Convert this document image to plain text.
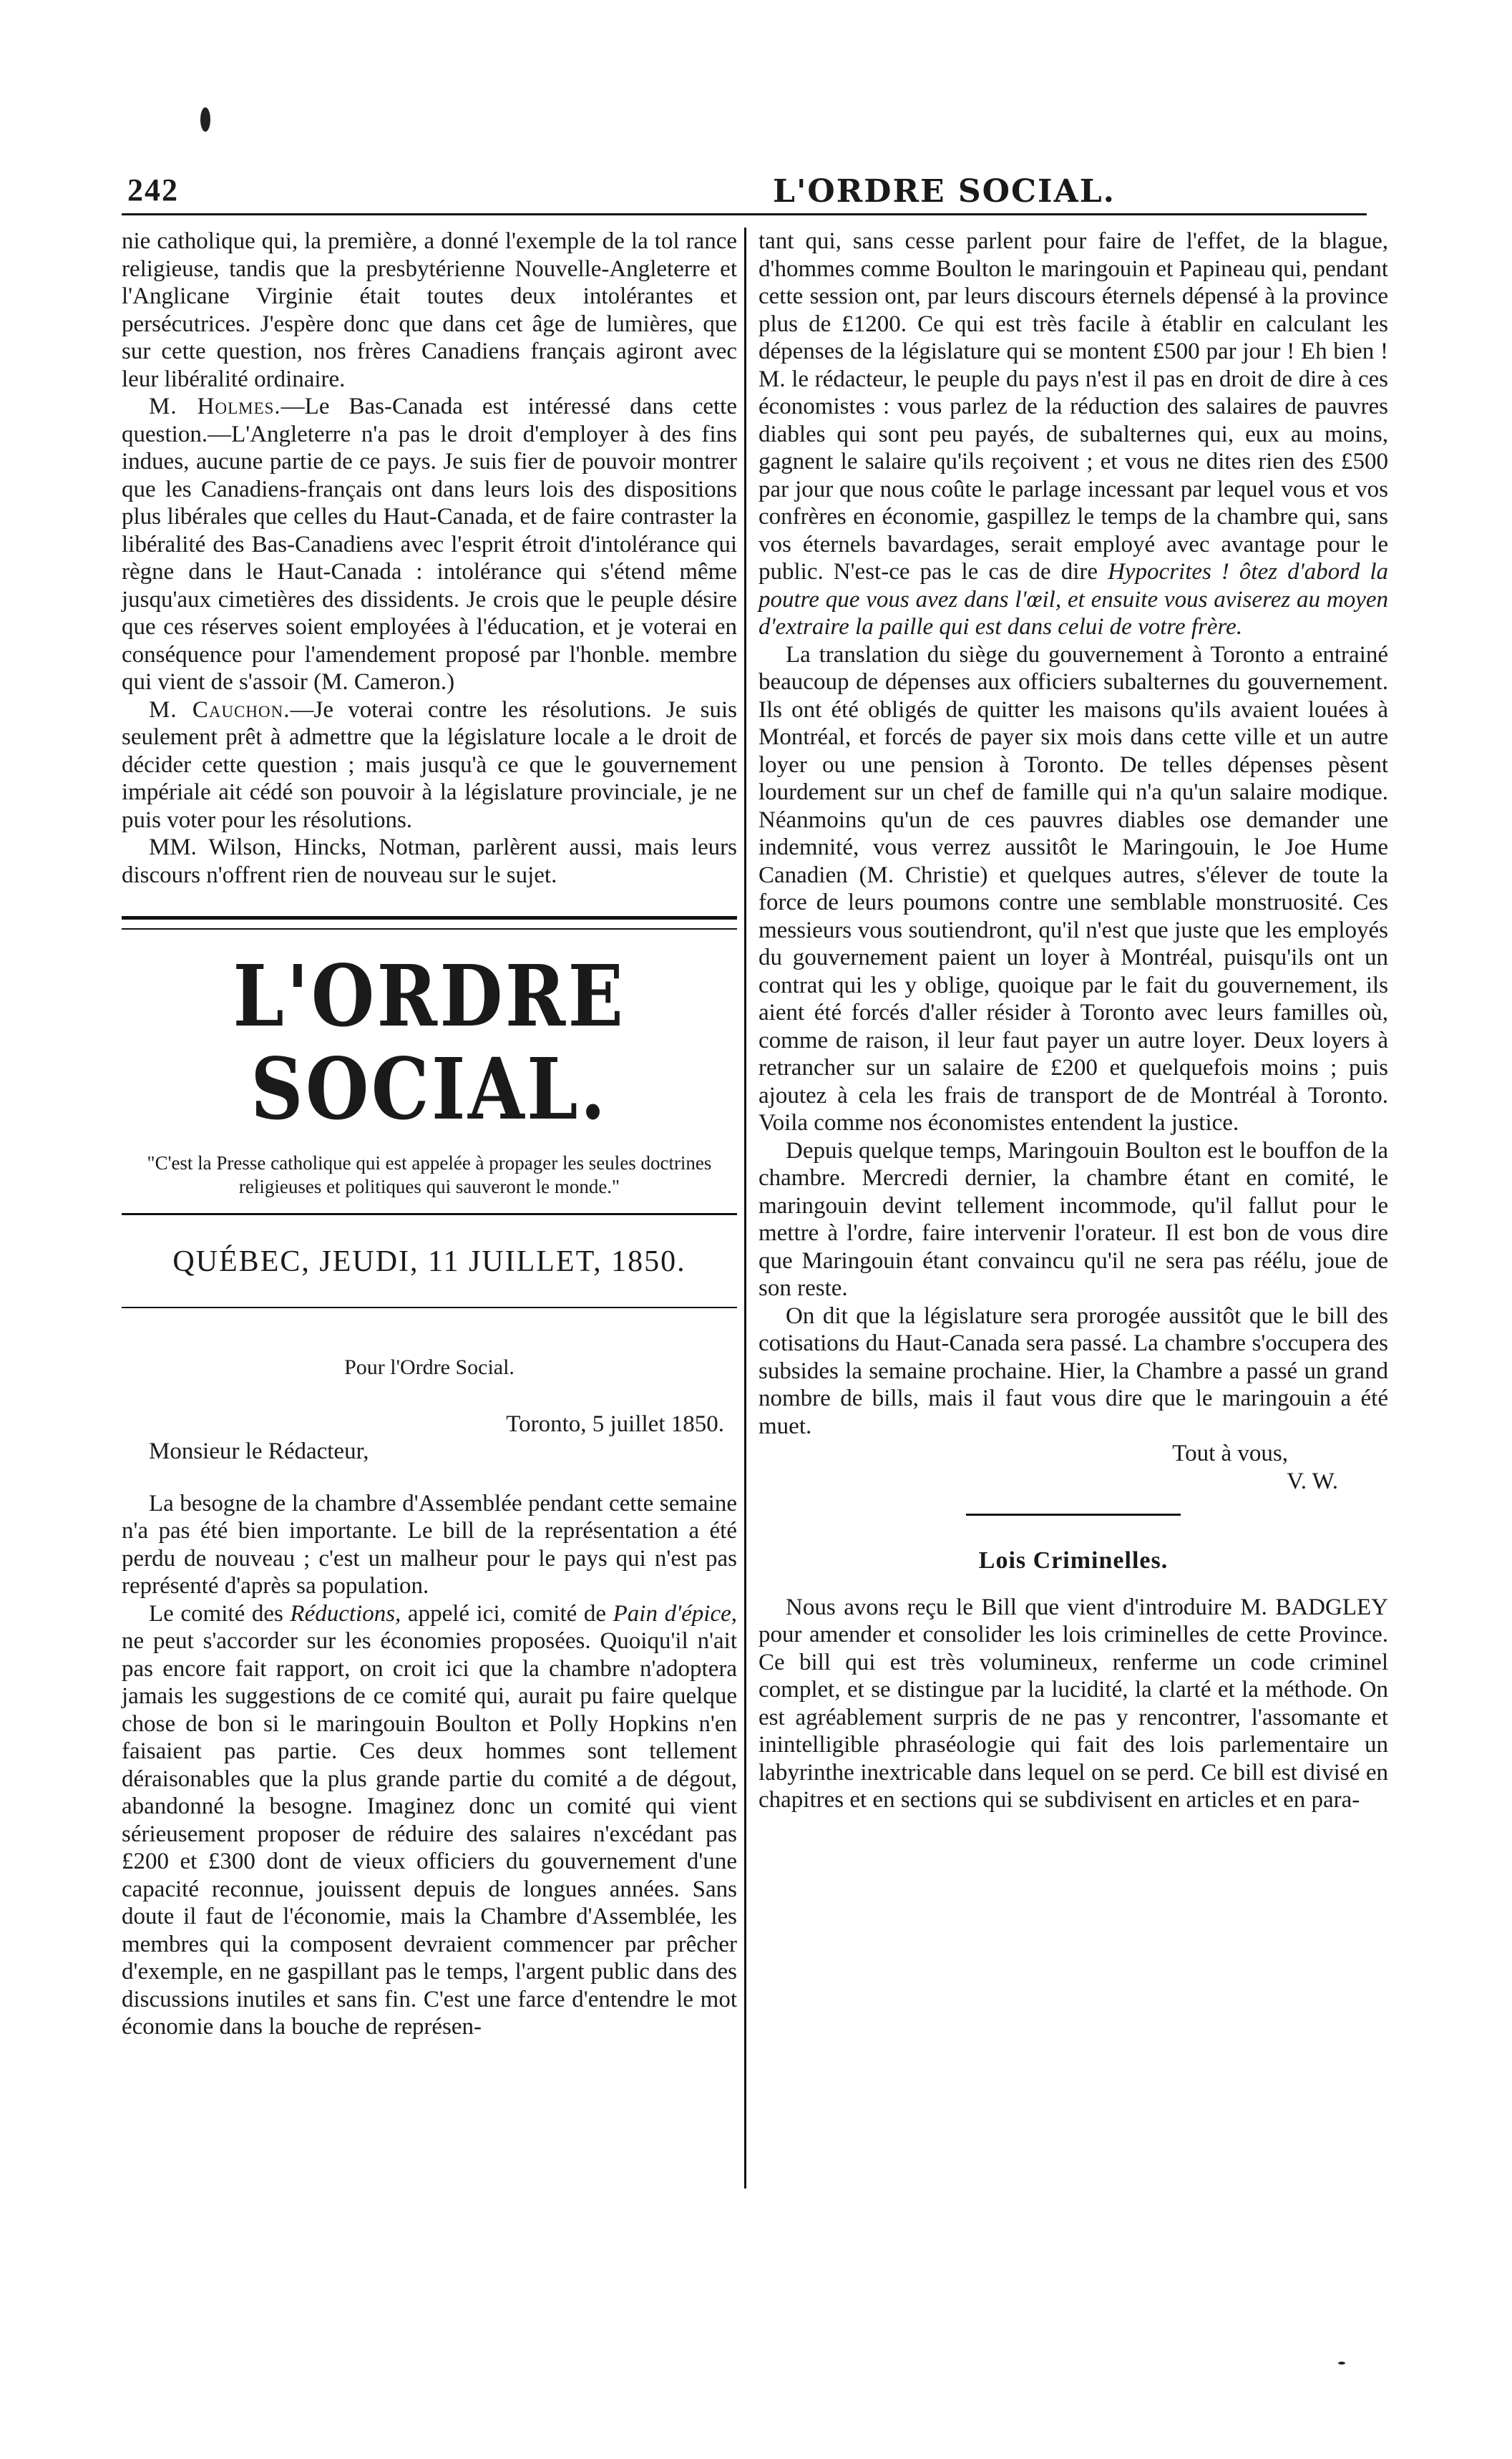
242	L'ORDRE SOCIAL.

nie catholique qui, la première, a donné l'exemple de la tol rance religieuse, tandis que la presbytérienne Nouvelle-Angleterre et l'Anglicane Virginie était toutes deux intolérantes et persécutrices. J'espère donc que dans cet âge de lumières, que sur cette question, nos frères Canadiens français agiront avec leur libéralité ordinaire.

M. Holmes.—Le Bas-Canada est intéressé dans cette question.—L'Angleterre n'a pas le droit d'employer à des fins indues, aucune partie de ce pays. Je suis fier de pouvoir montrer que les Canadiens-français ont dans leurs lois des dispositions plus libérales que celles du Haut-Canada, et de faire contraster la libéralité des Bas-Canadiens avec l'esprit étroit d'intolérance qui règne dans le Haut-Canada : intolérance qui s'étend même jusqu'aux cimetières des dissidents. Je crois que le peuple désire que ces réserves soient employées à l'éducation, et je voterai en conséquence pour l'amendement proposé par l'honble. membre qui vient de s'assoir (M. Cameron.)

M. Cauchon.—Je voterai contre les résolutions. Je suis seulement prêt à admettre que la législature locale a le droit de décider cette question ; mais jusqu'à ce que le gouvernement impériale ait cédé son pouvoir à la législature provinciale, je ne puis voter pour les résolutions.

MM. Wilson, Hincks, Notman, parlèrent aussi, mais leurs discours n'offrent rien de nouveau sur le sujet.

L'ORDRE SOCIAL.
"C'est la Presse catholique qui est appelée à propager les seules doctrines religieuses et politiques qui sauveront le monde."
QUÉBEC, JEUDI, 11 JUILLET, 1850.
Pour l'Ordre Social.

Toronto, 5 juillet 1850.

Monsieur le Rédacteur,

La besogne de la chambre d'Assemblée pendant cette semaine n'a pas été bien importante. Le bill de la représentation a été perdu de nouveau ; c'est un malheur pour le pays qui n'est pas représenté d'après sa population.

Le comité des Réductions, appelé ici, comité de Pain d'épice, ne peut s'accorder sur les économies proposées. Quoiqu'il n'ait pas encore fait rapport, on croit ici que la chambre n'adoptera jamais les suggestions de ce comité qui, aurait pu faire quelque chose de bon si le maringouin Boulton et Polly Hopkins n'en faisaient pas partie. Ces deux hommes sont tellement déraisonables que la plus grande partie du comité a de dégout, abandonné la besogne. Imaginez donc un comité qui vient sérieusement proposer de réduire des salaires n'excédant pas £200 et £300 dont de vieux officiers du gouvernement d'une capacité reconnue, jouissent depuis de longues années. Sans doute il faut de l'économie, mais la Chambre d'Assemblée, les membres qui la composent devraient commencer par prêcher d'exemple, en ne gaspillant pas le temps, l'argent public dans des discussions inutiles et sans fin. C'est une farce d'entendre le mot économie dans la bouche de représen-

tant qui, sans cesse parlent pour faire de l'effet, de la blague, d'hommes comme Boulton le maringouin et Papineau qui, pendant cette session ont, par leurs discours éternels dépensé à la province plus de £1200. Ce qui est très facile à établir en calculant les dépenses de la législature qui se montent £500 par jour ! Eh bien ! M. le rédacteur, le peuple du pays n'est il pas en droit de dire à ces économistes : vous parlez de la réduction des salaires de pauvres diables qui sont peu payés, de subalternes qui, eux au moins, gagnent le salaire qu'ils reçoivent ; et vous ne dites rien des £500 par jour que nous coûte le parlage incessant par lequel vous et vos confrères en économie, gaspillez le temps de la chambre qui, sans vos éternels bavardages, serait employé avec avantage pour le public. N'est-ce pas le cas de dire Hypocrites ! ôtez d'abord la poutre que vous avez dans l'œil, et ensuite vous aviserez au moyen d'extraire la paille qui est dans celui de votre frère.

La translation du siège du gouvernement à Toronto a entrainé beaucoup de dépenses aux officiers subalternes du gouvernement. Ils ont été obligés de quitter les maisons qu'ils avaient louées à Montréal, et forcés de payer six mois dans cette ville et un autre loyer ou une pension à Toronto. De telles dépenses pèsent lourdement sur un chef de famille qui n'a qu'un salaire modique. Néanmoins qu'un de ces pauvres diables ose demander une indemnité, vous verrez aussitôt le Maringouin, le Joe Hume Canadien (M. Christie) et quelques autres, s'élever de toute la force de leurs poumons contre une semblable monstruosité. Ces messieurs vous soutiendront, qu'il n'est que juste que les employés du gouvernement paient un loyer à Montréal, puisqu'ils ont un contrat qui les y oblige, quoique par le fait du gouvernement, ils aient été forcés d'aller résider à Toronto avec leurs familles où, comme de raison, il leur faut payer un autre loyer. Deux loyers à retrancher sur un salaire de £200 et quelquefois moins ; puis ajoutez à cela les frais de transport de de Montréal à Toronto. Voila comme nos économistes entendent la justice.

Depuis quelque temps, Maringouin Boulton est le bouffon de la chambre. Mercredi dernier, la chambre étant en comité, le maringouin devint tellement incommode, qu'il fallut pour le mettre à l'ordre, faire intervenir l'orateur. Il est bon de vous dire que Maringouin étant convaincu qu'il ne sera pas réélu, joue de son reste.

On dit que la législature sera prorogée aussitôt que le bill des cotisations du Haut-Canada sera passé. La chambre s'occupera des subsides la semaine prochaine. Hier, la Chambre a passé un grand nombre de bills, mais il faut vous dire que le maringouin a été muet.

Tout à vous,

V. W.

Lois Criminelles.

Nous avons reçu le Bill que vient d'introduire M. BADGLEY pour amender et consolider les lois criminelles de cette Province. Ce bill qui est très volumineux, renferme un code criminel complet, et se distingue par la lucidité, la clarté et la méthode. On est agréablement surpris de ne pas y rencontrer, l'assomante et inintelligible phraséologie qui fait des lois parlementaire un labyrinthe inextricable dans lequel on se perd. Ce bill est divisé en chapitres et en sections qui se subdivisent en articles et en para-
